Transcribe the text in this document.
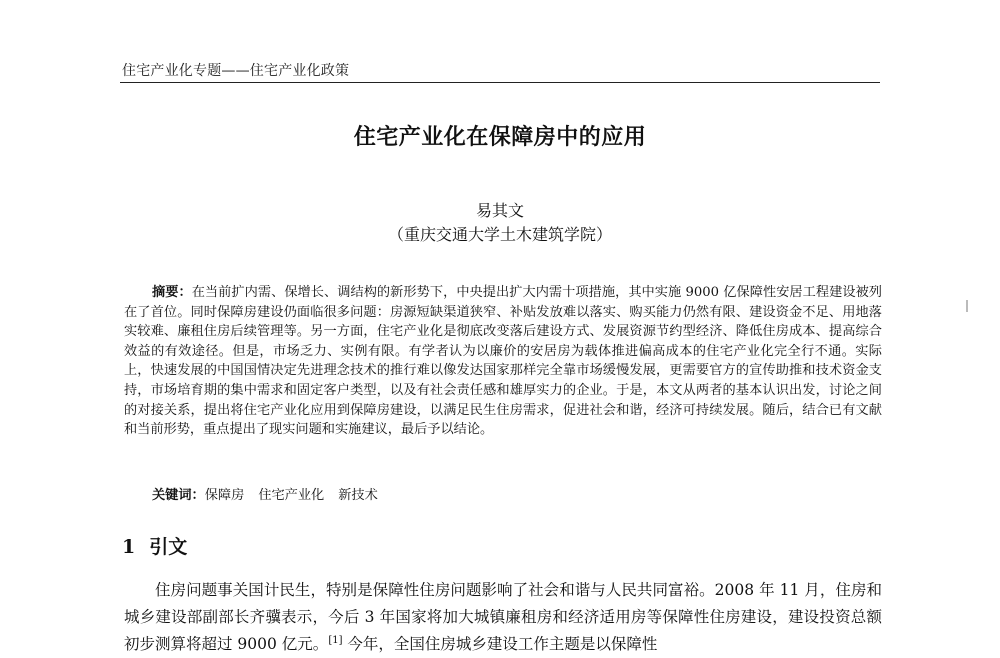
住宅产业化专题——住宅产业化政策
住宅产业化在保障房中的应用
易其文
（重庆交通大学土木建筑学院）

摘要：在当前扩内需、保增长、调结构的新形势下，中央提出扩大内需十项措施，其中实施 9000 亿保障性安居工程建设被列在了首位。同时保障房建设仍面临很多问题：房源短缺渠道狭窄、补贴发放难以落实、购买能力仍然有限、建设资金不足、用地落实较难、廉租住房后续管理等。另一方面，住宅产业化是彻底改变落后建设方式、发展资源节约型经济、降低住房成本、提高综合效益的有效途径。但是，市场乏力、实例有限。有学者认为以廉价的安居房为载体推进偏高成本的住宅产业化完全行不通。实际上，快速发展的中国国情决定先进理念技术的推行难以像发达国家那样完全靠市场缓慢发展，更需要官方的宣传助推和技术资金支持，市场培育期的集中需求和固定客户类型，以及有社会责任感和雄厚实力的企业。于是，本文从两者的基本认识出发，讨论之间的对接关系，提出将住宅产业化应用到保障房建设，以满足民生住房需求，促进社会和谐，经济可持续发展。随后，结合已有文献和当前形势，重点提出了现实问题和实施建议，最后予以结论。

关键词：保障房 住宅产业化 新技术
1 引文

住房问题事关国计民生，特别是保障性住房问题影响了社会和谐与人民共同富裕。2008 年 11 月，住房和城乡建设部副部长齐骥表示，今后 3 年国家将加大城镇廉租房和经济适用房等保障性住房建设，建设投资总额初步测算将超过 9000 亿元。[1] 今年，全国住房城乡建设工作主题是以保障性
